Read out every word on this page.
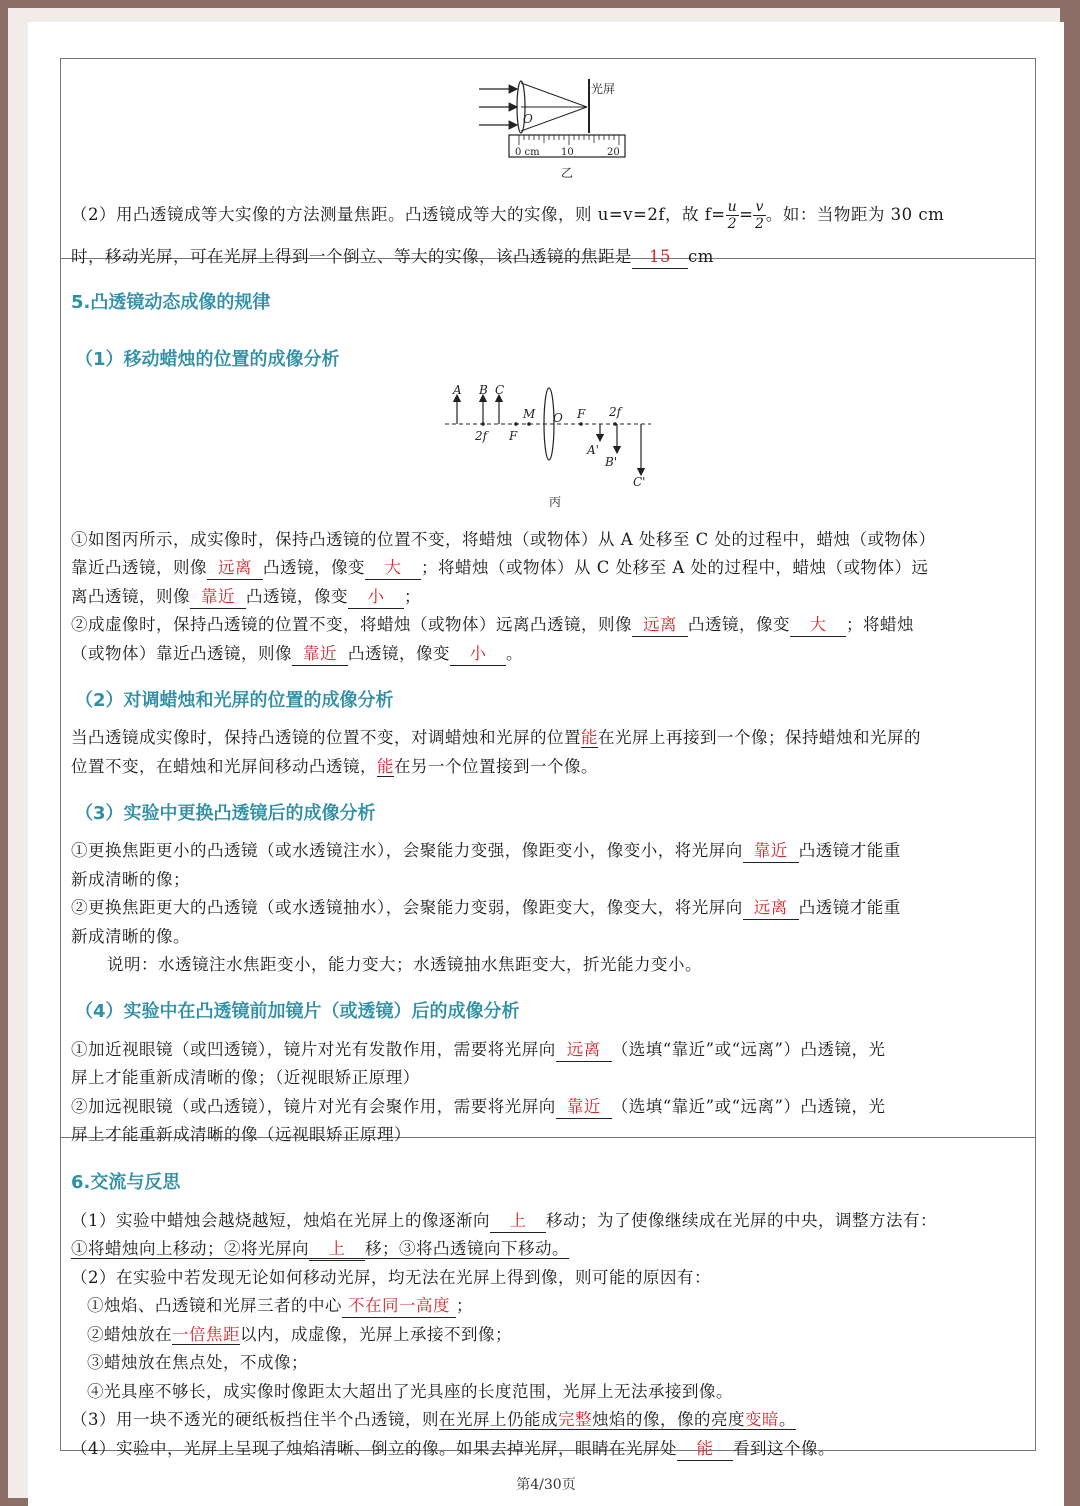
光屏
O
0 cm 10	20
乙
（2）用凸透镜成等大实像的方法测量焦距。凸透镜成等大的实像，则 u=v=2f，故 $f= \frac{u}{2} = \frac{v}{2}$ 。如：当物距为 30 cm
时，移动光屏，可在光屏上得到一个倒立、等大的实像，该凸透镜的焦距是 15 cm
5.凸透镜动态成像的规律
（1）移动蜡烛的位置的成像分析
A B C
2f F
M O F 2f
A'
B'
C'
丙
①如图丙所示，成实像时，保持凸透镜的位置不变，将蜡烛（或物体）从 A 处移至 C 处的过程中，蜡烛（或物体）
靠近凸透镜，则像 远离 凸透镜，像变 大 ；将蜡烛（或物体）从 C 处移至 A 处的过程中，蜡烛（或物体）远
离凸透镜，则像 靠近 凸透镜，像变 小 ；
②成虚像时，保持凸透镜的位置不变，将蜡烛（或物体）远离凸透镜，则像 远离 凸透镜，像变 大 ；将蜡烛
（或物体）靠近凸透镜，则像 靠近 凸透镜，像变 小 。
（2）对调蜡烛和光屏的位置的成像分析
当凸透镜成实像时，保持凸透镜的位置不变，对调蜡烛和光屏的位置能在光屏上再接到一个像；保持蜡烛和光屏的
位置不变，在蜡烛和光屏间移动凸透镜，能在另一个位置接到一个像。
（3）实验中更换凸透镜后的成像分析
①更换焦距更小的凸透镜（或水透镜注水），会聚能力变强，像距变小，像变小，将光屏向 靠近 凸透镜才能重
新成清晰的像；
②更换焦距更大的凸透镜（或水透镜抽水），会聚能力变弱，像距变大，像变大，将光屏向 远离 凸透镜才能重
新成清晰的像。
说明：水透镜注水焦距变小，能力变大；水透镜抽水焦距变大，折光能力变小。
（4）实验中在凸透镜前加镜片（或透镜）后的成像分析
①加近视眼镜（或凹透镜），镜片对光有发散作用，需要将光屏向 远离 （选填“靠近”或“远离”）凸透镜，光
屏上才能重新成清晰的像；（近视眼矫正原理）
②加远视眼镜（或凸透镜），镜片对光有会聚作用，需要将光屏向 靠近 （选填“靠近”或“远离”）凸透镜，光
屏上才能重新成清晰的像（远视眼矫正原理）
6.交流与反思
（1）实验中蜡烛会越烧越短，烛焰在光屏上的像逐渐向 上 移动；为了使像继续成在光屏的中央，调整方法有：
①将蜡烛向上移动；②将光屏向 上 移；③将凸透镜向下移动。
（2）在实验中若发现无论如何移动光屏，均无法在光屏上得到像，则可能的原因有：
①烛焰、凸透镜和光屏三者的中心 不在同一高度 ；
②蜡烛放在一倍焦距以内，成虚像，光屏上承接不到像；
③蜡烛放在焦点处，不成像；
④光具座不够长，成实像时像距太大超出了光具座的长度范围，光屏上无法承接到像。
（3）用一块不透光的硬纸板挡住半个凸透镜，则在光屏上仍能成完整烛焰的像，像的亮度变暗。
（4）实验中，光屏上呈现了烛焰清晰、倒立的像。如果去掉光屏，眼睛在光屏处 能 看到这个像。
第4/30页
